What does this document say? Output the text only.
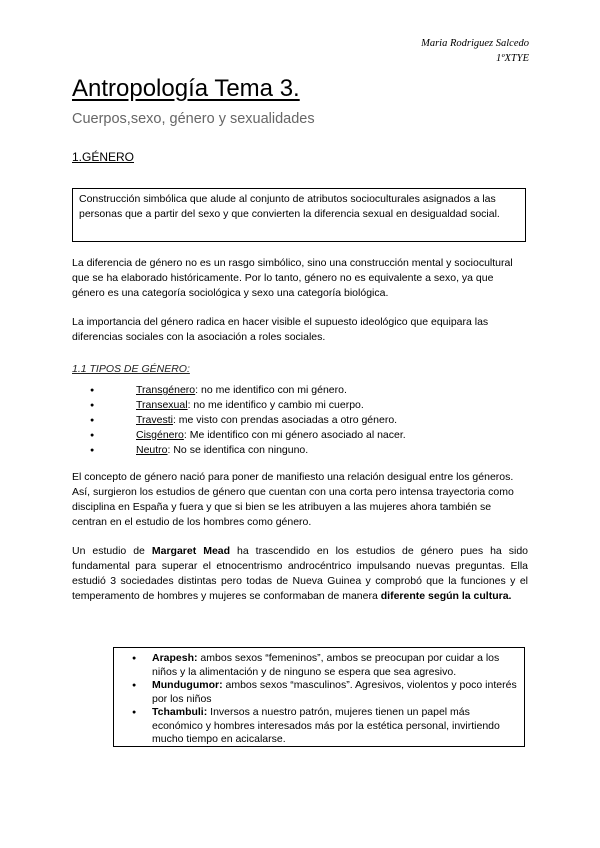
Maria Rodriguez Salcedo
1ºXTYE
Antropología Tema 3.

Cuerpos,sexo, género y sexualidades

1.GÉNERO
Construcción simbólica que alude al conjunto de atributos socioculturales asignados a las personas que a partir del sexo y que convierten la diferencia sexual en desigualdad social.

La diferencia de género no es un rasgo simbólico, sino una construcción mental y sociocultural que se ha elaborado históricamente. Por lo tanto, género no es equivalente a sexo, ya que género es una categoría sociológica y sexo una categoría biológica.

La importancia del género radica en hacer visible el supuesto ideológico que equipara las diferencias sociales con la asociación a roles sociales.

1.1 TIPOS DE GÉNERO:
● Transgénero: no me identifico con mi género.
● Transexual: no me identifico y cambio mi cuerpo.
● Travesti: me visto con prendas asociadas a otro género.
● Cisgénero: Me identifico con mi género asociado al nacer.
● Neutro: No se identifica con ninguno.

El concepto de género nació para poner de manifiesto una relación desigual entre los géneros. Así, surgieron los estudios de género que cuentan con una corta pero intensa trayectoria como disciplina en España y fuera y que si bien se les atribuyen a las mujeres ahora también se centran en el estudio de los hombres como género.

Un estudio de Margaret Mead ha trascendido en los estudios de género pues ha sido fundamental para superar el etnocentrismo androcéntrico impulsando nuevas preguntas. Ella estudió 3 sociedades distintas pero todas de Nueva Guinea y comprobó que la funciones y el temperamento de hombres y mujeres se conformaban de manera diferente según la cultura.

● Arapesh: ambos sexos “femeninos”, ambos se preocupan por cuidar a los niños y la alimentación y de ninguno se espera que sea agresivo.
● Mundugumor: ambos sexos “masculinos”. Agresivos, violentos y poco interés por los niños
● Tchambuli: Inversos a nuestro patrón, mujeres tienen un papel más económico y hombres interesados más por la estética personal, invirtiendo mucho tiempo en acicalarse.
